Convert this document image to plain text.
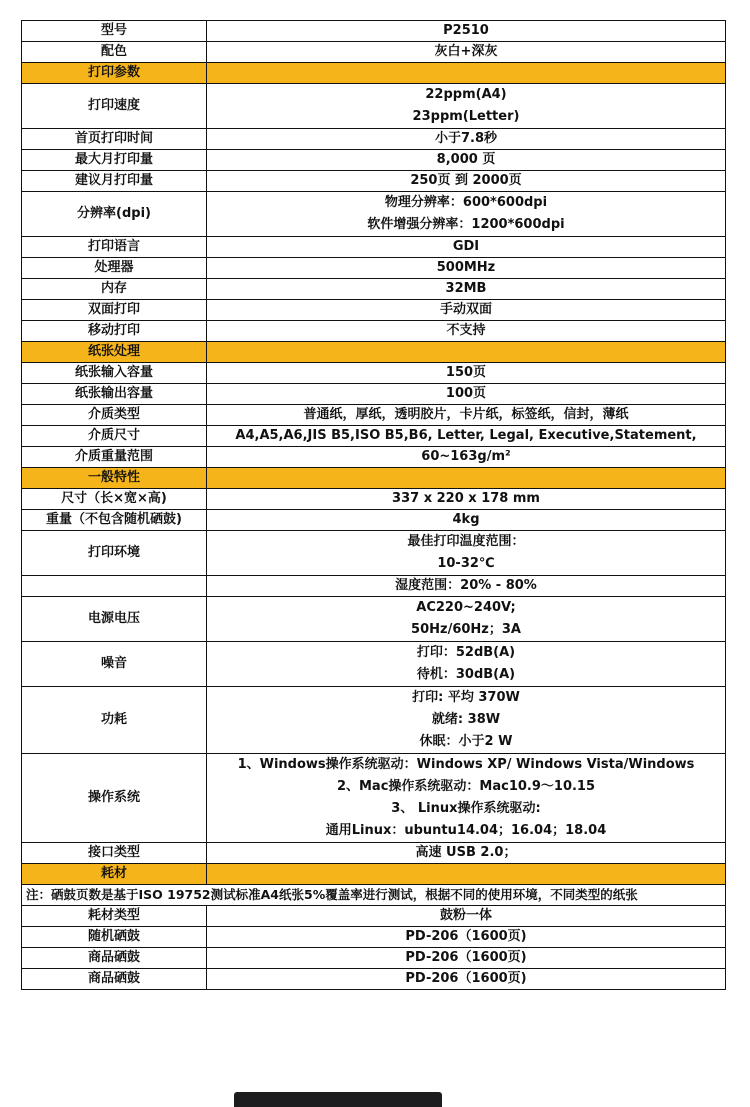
型号	P2510
配色	灰白+深灰
打印参数	
打印速度	22ppm(A4)
23ppm(Letter)

首页打印时间	小于7.8秒
最大月打印量	8,000 页
建议月打印量	250页 到 2000页
分辨率(dpi)	物理分辨率：600*600dpi
软件增强分辨率：1200*600dpi

打印语言	GDI
处理器	500MHz
内存	32MB
双面打印	手动双面
移动打印	不支持
纸张处理	
纸张输入容量	150页
纸张输出容量	100页
介质类型	普通纸，厚纸，透明胶片，卡片纸，标签纸，信封，薄纸
介质尺寸	A4,A5,A6,JIS B5,ISO B5,B6, Letter, Legal, Executive,Statement,
介质重量范围	60~163g/m²
一般特性	
尺寸（长×宽×高)	337 x 220 x 178 mm
重量（不包含随机硒鼓)	4kg
打印环境	最佳打印温度范围：
10-32℃

	湿度范围：20% - 80%
电源电压	AC220~240V;
50Hz/60Hz；3A

噪音	打印：52dB(A)
待机：30dB(A)

功耗	打印: 平均 370W
就绪: 38W
休眠：小于2 W

操作系统	1、Windows操作系统驱动：Windows XP/ Windows Vista/Windows
2、Mac操作系统驱动：Mac10.9～10.15
3、 Linux操作系统驱动:
通用Linux：ubuntu14.04；16.04；18.04

接口类型	高速 USB 2.0；
耗材	
注：硒鼓页数是基于ISO 19752测试标准A4纸张5%覆盖率进行测试，根据不同的使用环境，不同类型的纸张	
耗材类型	鼓粉一体
随机硒鼓	PD-206（1600页)
商品硒鼓	PD-206（1600页)
商品硒鼓	PD-206（1600页)
